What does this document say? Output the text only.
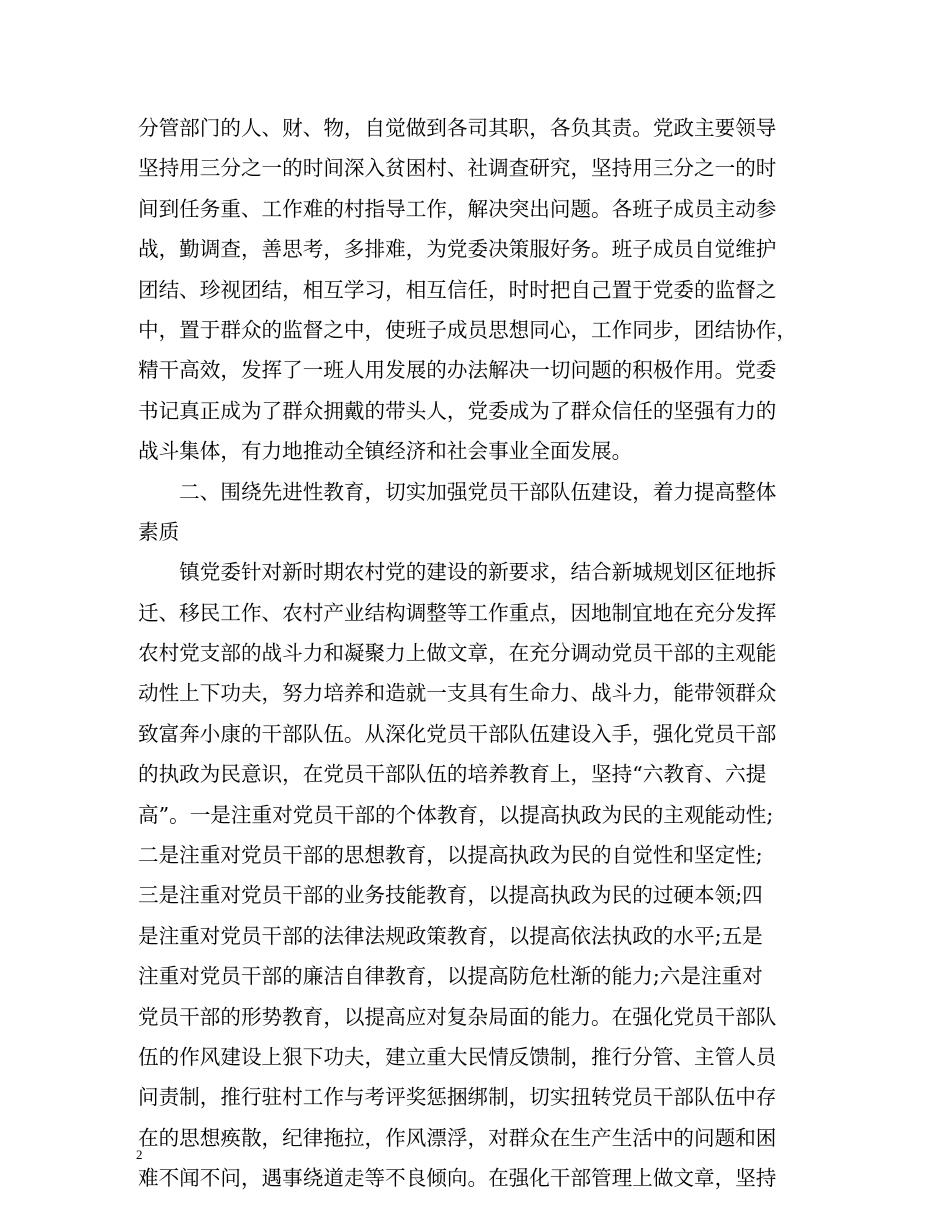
分管部门的人、财、物，自觉做到各司其职，各负其责。党政主要领导
坚持用三分之一的时间深入贫困村、社调查研究，坚持用三分之一的时
间到任务重、工作难的村指导工作，解决突出问题。各班子成员主动参
战，勤调查，善思考，多排难，为党委决策服好务。班子成员自觉维护
团结、珍视团结，相互学习，相互信任，时时把自己置于党委的监督之
中，置于群众的监督之中，使班子成员思想同心，工作同步，团结协作，
精干高效，发挥了一班人用发展的办法解决一切问题的积极作用。党委
书记真正成为了群众拥戴的带头人，党委成为了群众信任的坚强有力的
战斗集体，有力地推动全镇经济和社会事业全面发展。
　　二、围绕先进性教育，切实加强党员干部队伍建设，着力提高整体
素质
　　镇党委针对新时期农村党的建设的新要求，结合新城规划区征地拆
迁、移民工作、农村产业结构调整等工作重点，因地制宜地在充分发挥
农村党支部的战斗力和凝聚力上做文章，在充分调动党员干部的主观能
动性上下功夫，努力培养和造就一支具有生命力、战斗力，能带领群众
致富奔小康的干部队伍。从深化党员干部队伍建设入手，强化党员干部
的执政为民意识，在党员干部队伍的培养教育上，坚持“六教育、六提
高”。一是注重对党员干部的个体教育，以提高执政为民的主观能动性;
二是注重对党员干部的思想教育，以提高执政为民的自觉性和坚定性;
三是注重对党员干部的业务技能教育，以提高执政为民的过硬本领;四
是注重对党员干部的法律法规政策教育，以提高依法执政的水平;五是
注重对党员干部的廉洁自律教育，以提高防危杜渐的能力;六是注重对
党员干部的形势教育，以提高应对复杂局面的能力。在强化党员干部队
伍的作风建设上狠下功夫，建立重大民情反馈制，推行分管、主管人员
问责制，推行驻村工作与考评奖惩捆绑制，切实扭转党员干部队伍中存
在的思想痪散，纪律拖拉，作风漂浮，对群众在生产生活中的问题和困
难不闻不问，遇事绕道走等不良倾向。在强化干部管理上做文章，坚持
2
